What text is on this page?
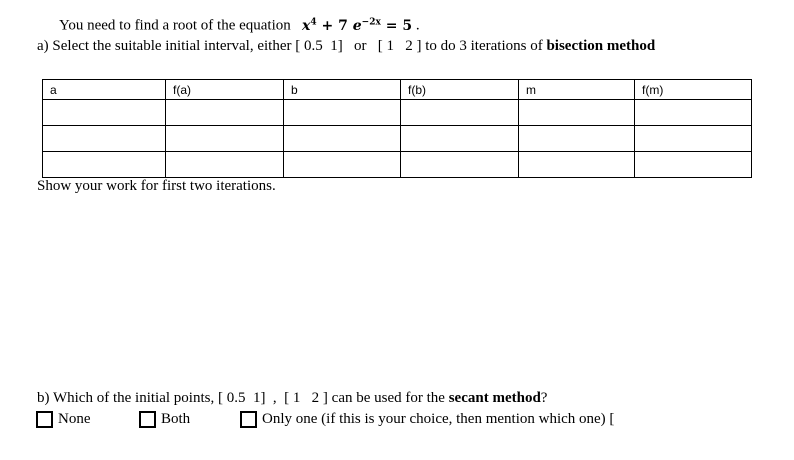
You need to find a root of the equation $x^4 + 7$ $e^{-2x} = 5$ .
a) Select the suitable initial interval, either [ 0.5  1]   or   [ 1   2 ] to do 3 iterations of bisection method
a	f(a)	b	f(b)	m	f(m)

Show your work for first two iterations.
b) Which of the initial points, [ 0.5  1]  ,  [ 1   2 ] can be used for the secant method?
None	Both	Only one (if this is your choice, then mention which one) [
